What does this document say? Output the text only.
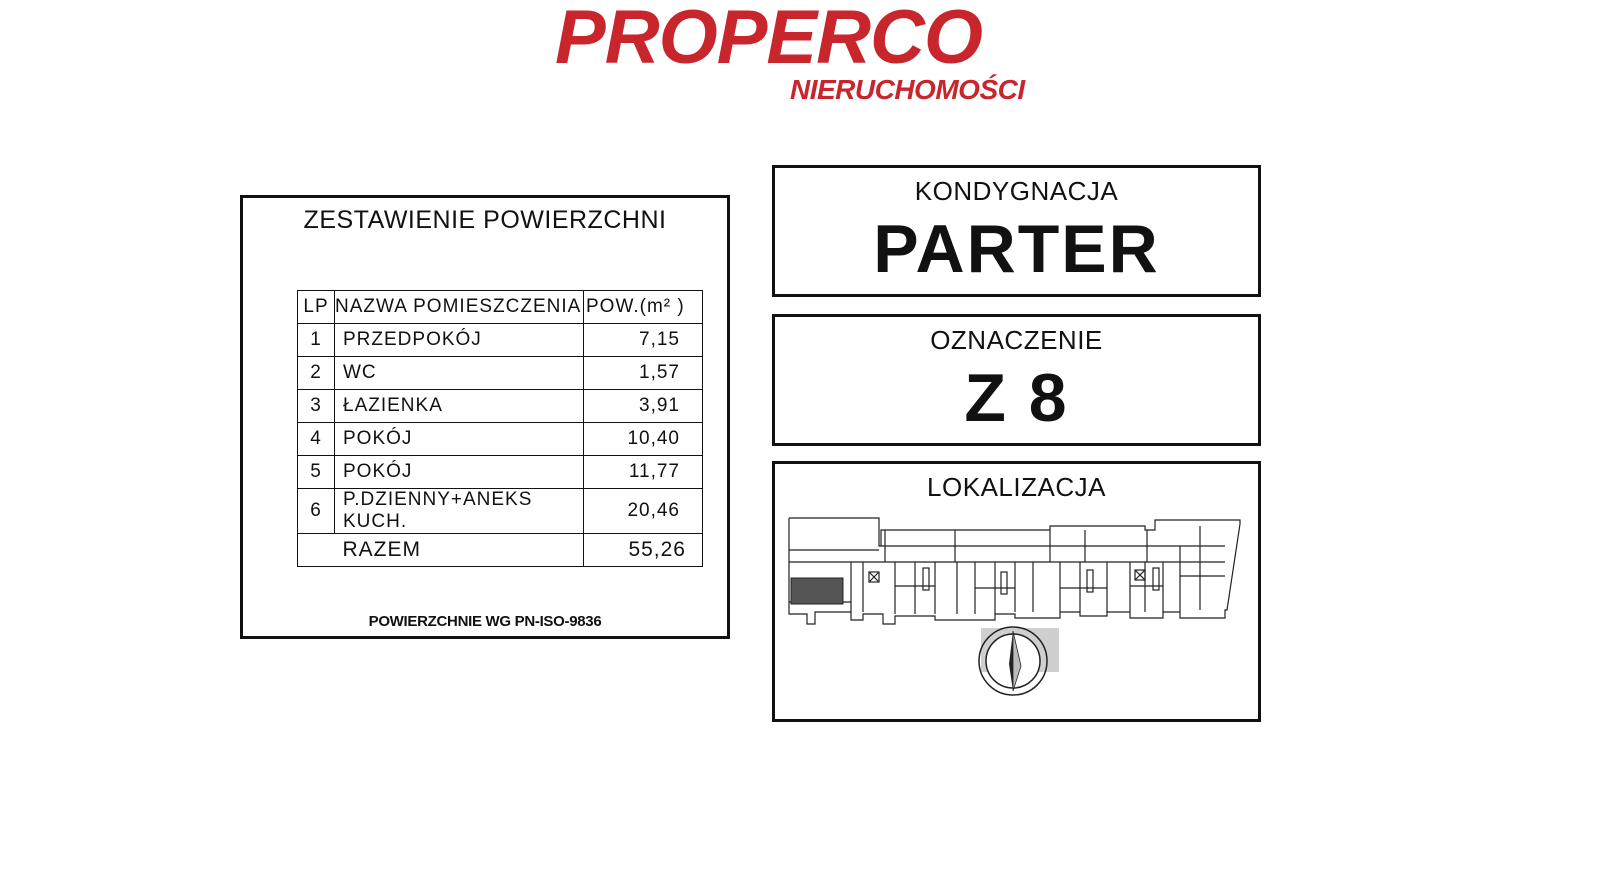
PROPERCO
NIERUCHOMOŚCI
ZESTAWIENIE POWIERZCHNI
LP	NAZWA POMIESZCZENIA	POW.(m² )
1	PRZEDPOKÓJ	7,15
2	WC	1,57
3	ŁAZIENKA	3,91
4	POKÓJ	10,40
5	POKÓJ	11,77
6	P.DZIENNY+ANEKS KUCH.	20,46
	RAZEM	55,26
POWIERZCHNIE WG PN-ISO-9836
KONDYGNACJA
PARTER
OZNACZENIE
Z 8
LOKALIZACJA
